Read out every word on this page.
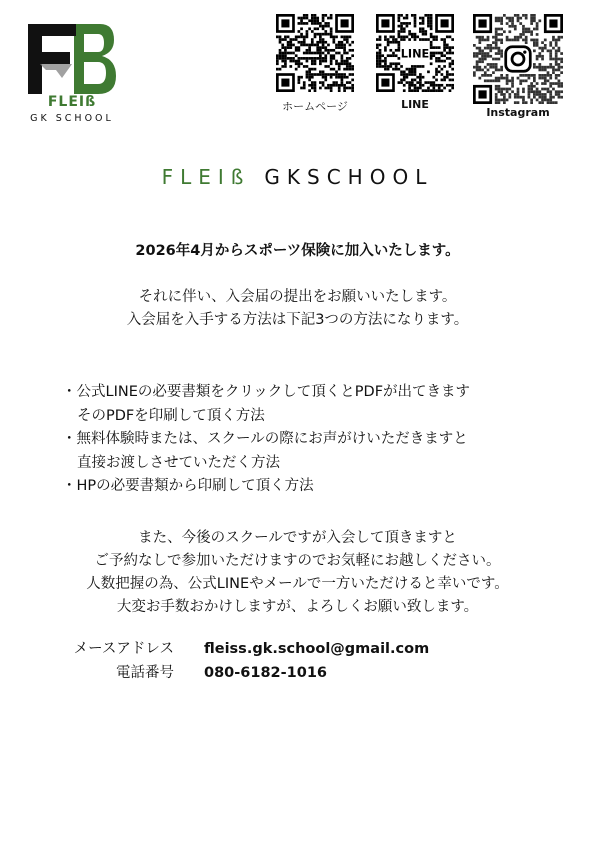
FLEIß
GK SCHOOL
ホームページ
LINE
LINE
Instagram
FLEIß GKSCHOOL
2026年4月からスポーツ保険に加入いたします。
それに伴い、入会届の提出をお願いいたします。
入会届を入手する方法は下記3つの方法になります。
・公式LINEの必要書類をクリックして頂くとPDFが出てきます
そのPDFを印刷して頂く方法
・無料体験時または、スクールの際にお声がけいただきますと
直接お渡しさせていただく方法
・HPの必要書類から印刷して頂く方法
また、今後のスクールですが入会して頂きますと
ご予約なしで参加いただけますのでお気軽にお越しください。
人数把握の為、公式LINEやメールで一方いただけると幸いです。
大変お手数おかけしますが、よろしくお願い致します。
メースアドレス fleiss.gk.school@gmail.com
電話番号 080-6182-1016
